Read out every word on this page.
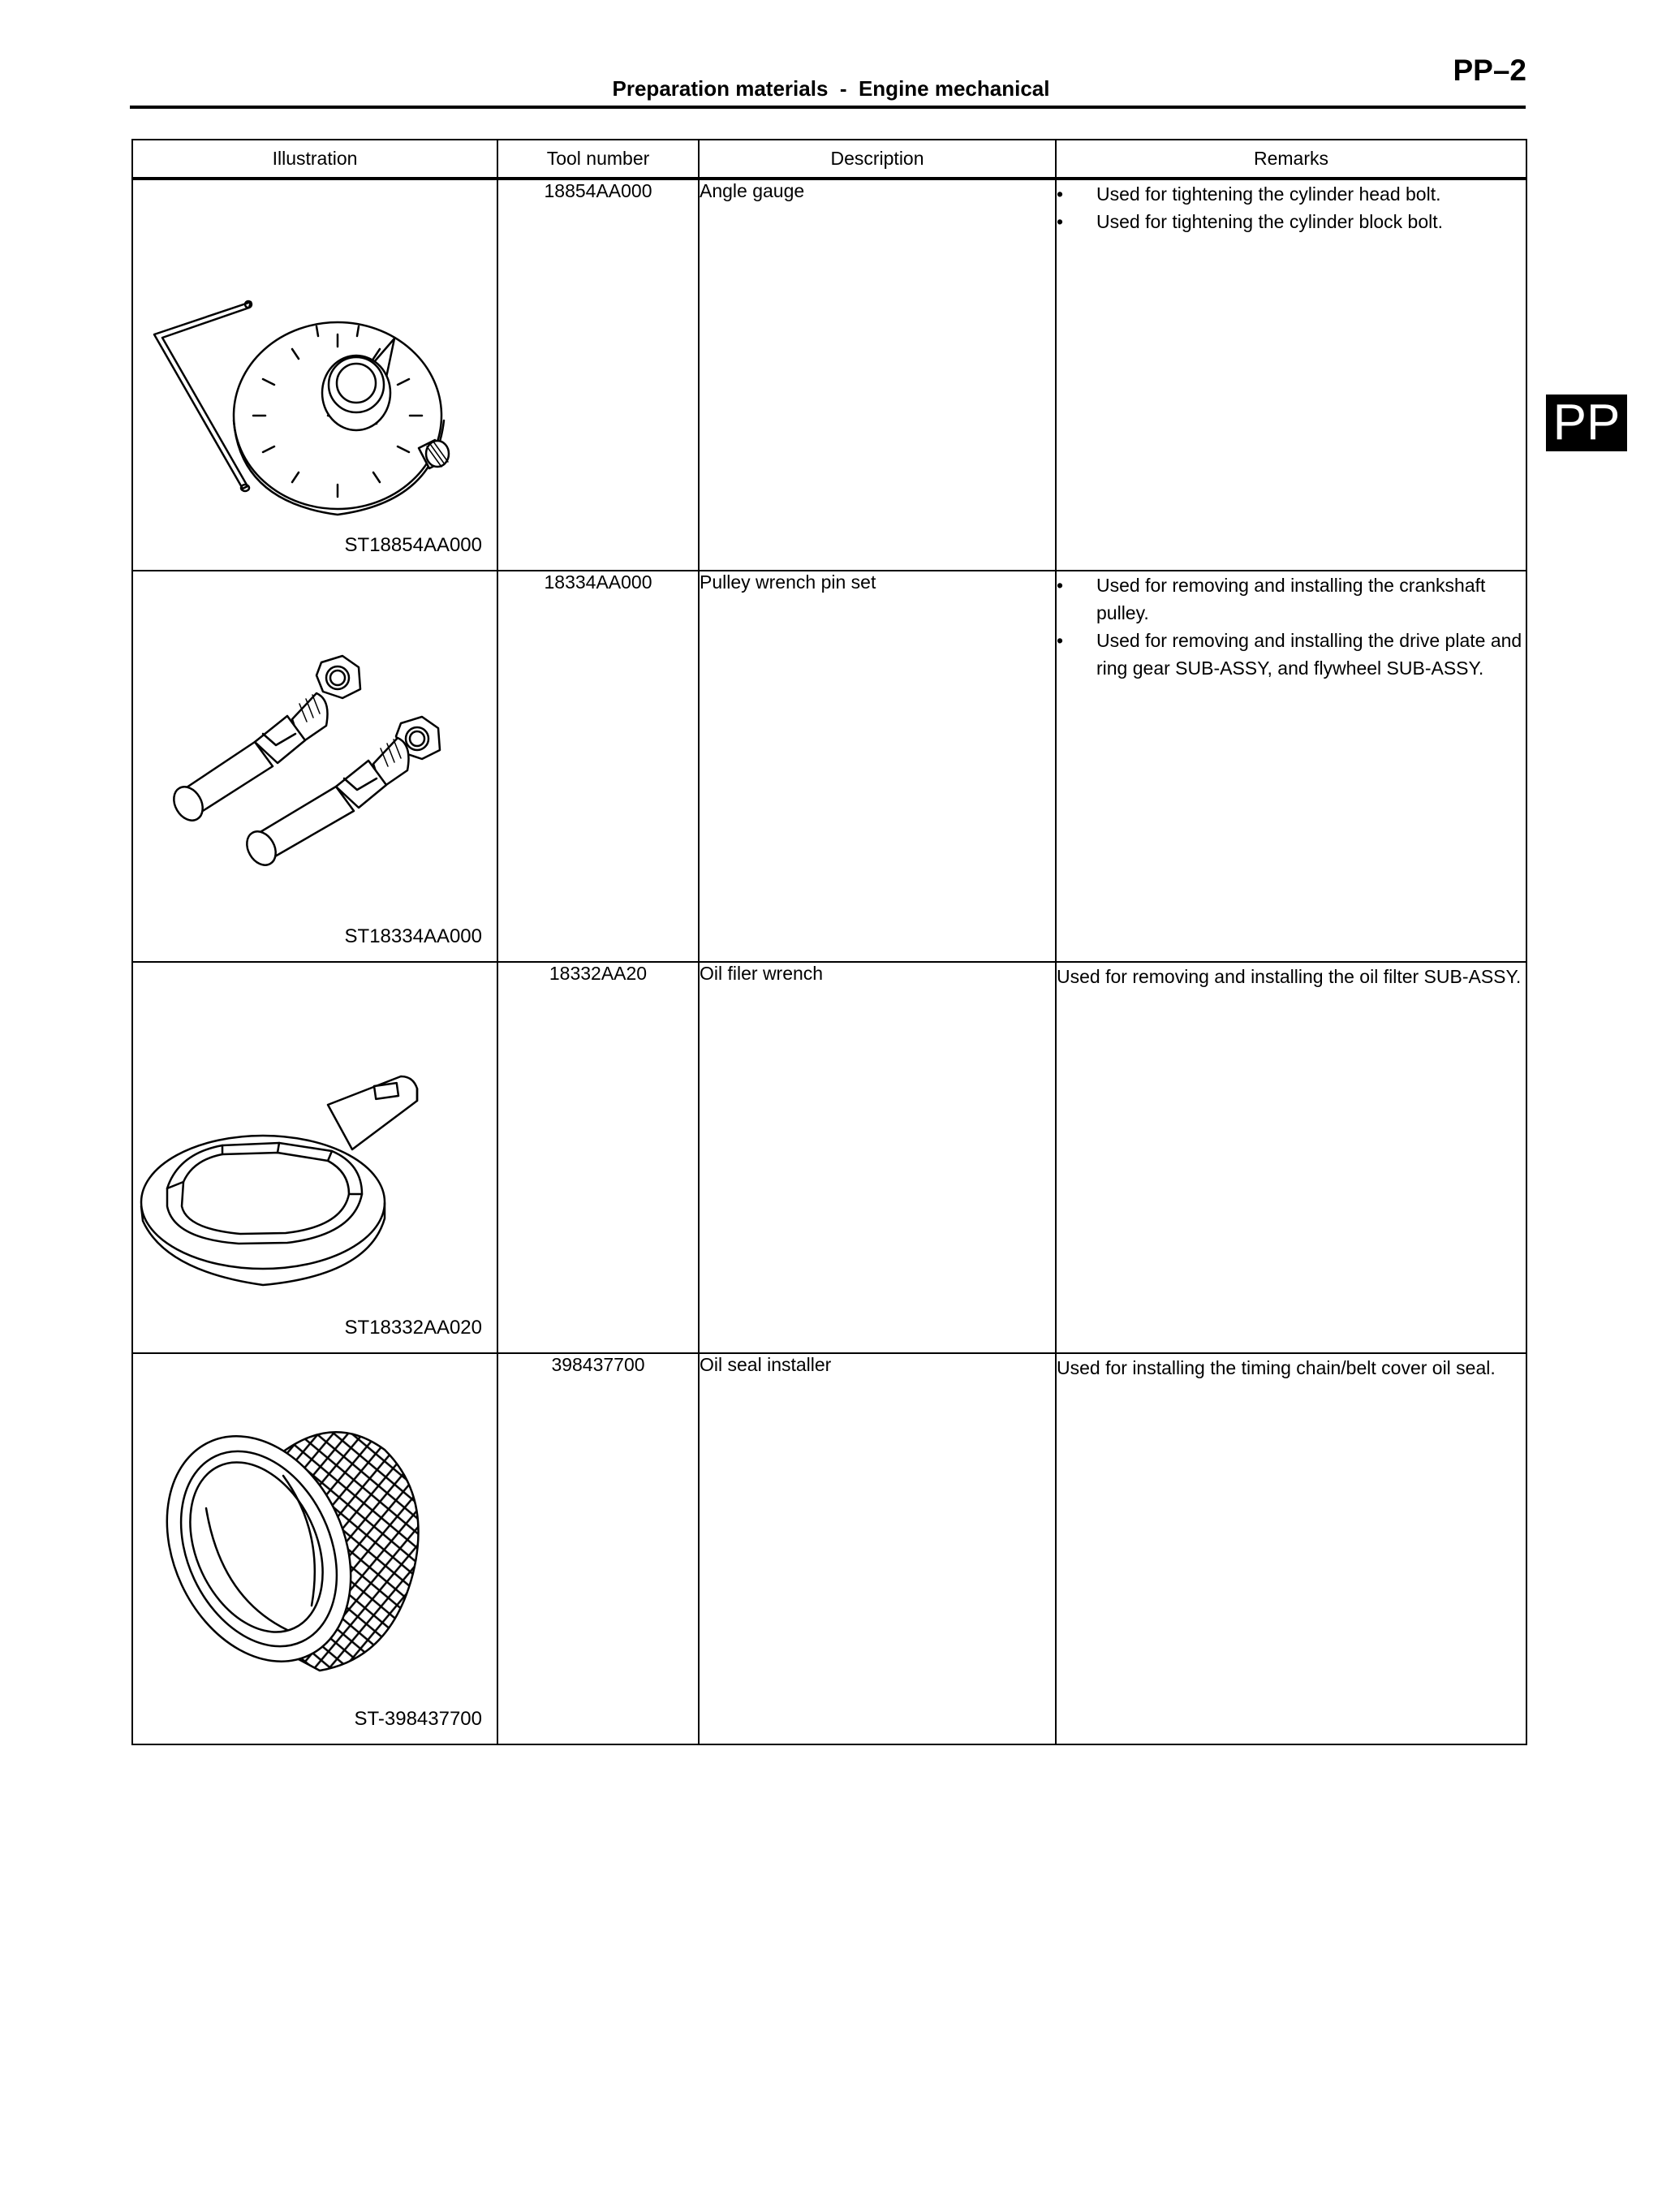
PP–2
Preparation materials  -  Engine mechanical
PP
Illustration	Tool number	Description	Remarks

ST18854AA000	18854AA000	Angle gauge	• Used for tightening the cylinder head bolt.
• Used for tightening the cylinder block bolt.

ST18334AA000	18334AA000	Pulley wrench pin set	• Used for removing and installing the crankshaft pulley.
• Used for removing and installing the drive plate and ring gear SUB-ASSY, and flywheel SUB-ASSY.

ST18332AA020	18332AA20	Oil filer wrench	Used for removing and installing the oil filter SUB-ASSY.

ST-398437700	398437700	Oil seal installer	Used for installing the timing chain/belt cover oil seal.
